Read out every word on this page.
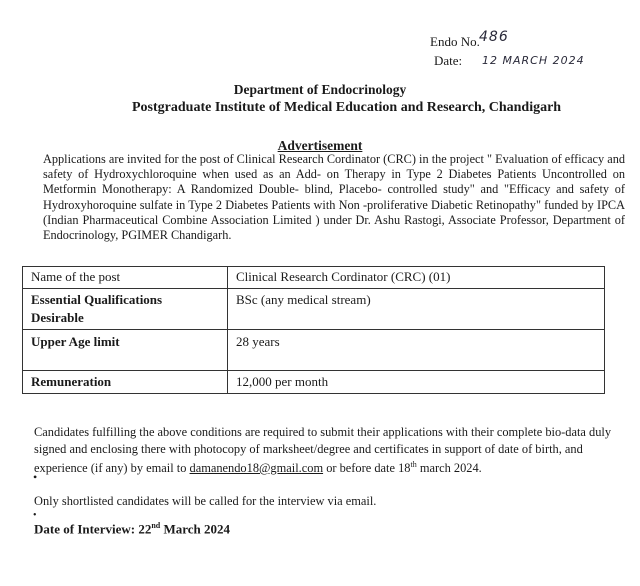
Endo No. 486
Date: 12 MARCH 2024
Department of Endocrinology
Postgraduate Institute of Medical Education and Research, Chandigarh
Advertisement
Applications are invited for the post of Clinical Research Cordinator (CRC) in the project " Evaluation of efficacy and safety of Hydroxychloroquine when used as an Add- on Therapy in Type 2 Diabetes Patients Uncontrolled on Metformin Monotherapy: A Randomized Double- blind, Placebo- controlled study" and "Efficacy and safety of Hydroxyhoroquine sulfate in Type 2 Diabetes Patients with Non -proliferative Diabetic Retinopathy" funded by IPCA (Indian Pharmaceutical Combine Association Limited ) under Dr. Ashu Rastogi, Associate Professor, Department of Endocrinology, PGIMER Chandigarh.
Name of the post	Clinical Research Cordinator (CRC) (01)

Essential Qualifications
Desirable	BSc (any medical stream)
Upper Age limit	28 years
Remuneration	12,000 per month
Candidates fulfilling the above conditions are required to submit their applications with their complete bio-data duly signed and enclosing there with photocopy of marksheet/degree and certificates in support of date of birth, and experience (if any) by email to damanendo18@gmail.com or before date 18th march 2024.
•
Only shortlisted candidates will be called for the interview via email.
•
Date of Interview: 22nd March 2024
